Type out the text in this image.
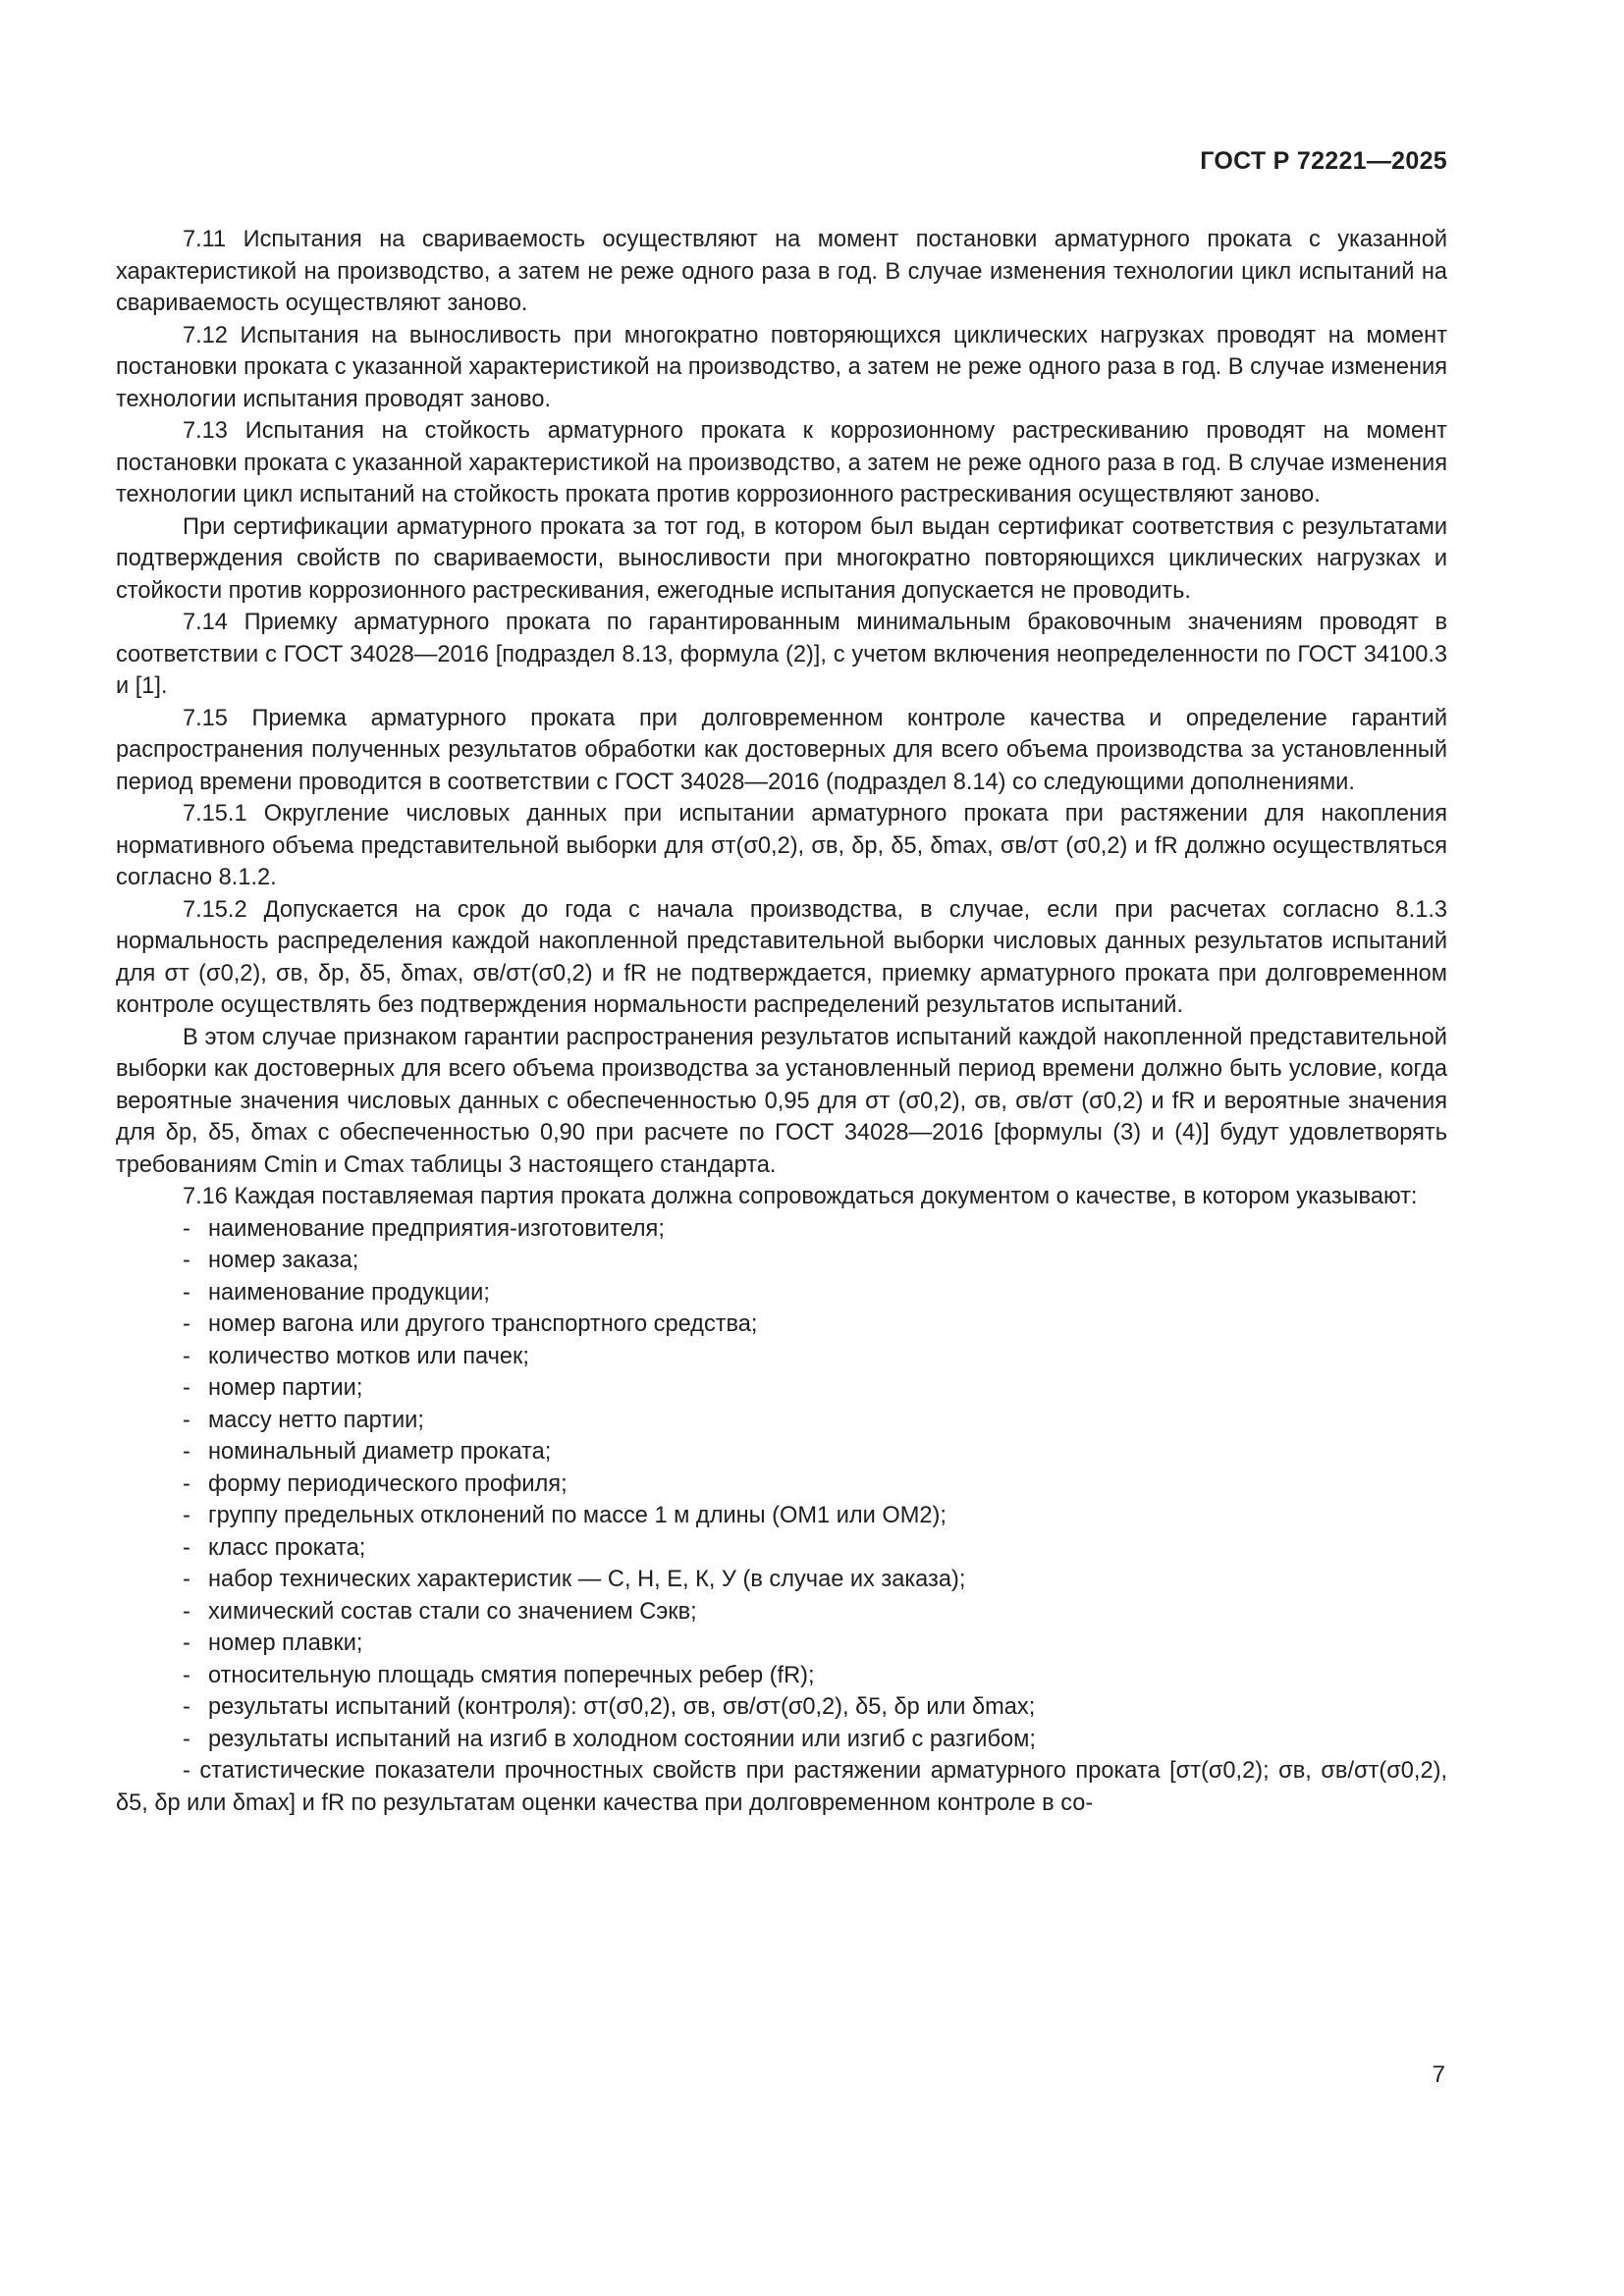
ГОСТ Р 72221—2025

7.11 Испытания на свариваемость осуществляют на момент постановки арматурного проката с указанной характеристикой на производство, а затем не реже одного раза в год. В случае изменения технологии цикл испытаний на свариваемость осуществляют заново.

7.12 Испытания на выносливость при многократно повторяющихся циклических нагрузках проводят на момент постановки проката с указанной характеристикой на производство, а затем не реже одного раза в год. В случае изменения технологии испытания проводят заново.

7.13 Испытания на стойкость арматурного проката к коррозионному растрескиванию проводят на момент постановки проката с указанной характеристикой на производство, а затем не реже одного раза в год. В случае изменения технологии цикл испытаний на стойкость проката против коррозионного растрескивания осуществляют заново.

При сертификации арматурного проката за тот год, в котором был выдан сертификат соответствия с результатами подтверждения свойств по свариваемости, выносливости при многократно повторяющихся циклических нагрузках и стойкости против коррозионного растрескивания, ежегодные испытания допускается не проводить.

7.14 Приемку арматурного проката по гарантированным минимальным браковочным значениям проводят в соответствии с ГОСТ 34028—2016 [подраздел 8.13, формула (2)], с учетом включения неопределенности по ГОСТ 34100.3 и [1].

7.15 Приемка арматурного проката при долговременном контроле качества и определение гарантий распространения полученных результатов обработки как достоверных для всего объема производства за установленный период времени проводится в соответствии с ГОСТ 34028—2016 (подраздел 8.14) со следующими дополнениями.

7.15.1 Округление числовых данных при испытании арматурного проката при растяжении для накопления нормативного объема представительной выборки для σт(σ0,2), σв, δр, δ5, δmax, σв/σт (σ0,2) и fR должно осуществляться согласно 8.1.2.

7.15.2 Допускается на срок до года с начала производства, в случае, если при расчетах согласно 8.1.3 нормальность распределения каждой накопленной представительной выборки числовых данных результатов испытаний для σт (σ0,2), σв, δр, δ5, δmax, σв/σт(σ0,2) и fR не подтверждается, приемку арматурного проката при долговременном контроле осуществлять без подтверждения нормальности распределений результатов испытаний.

В этом случае признаком гарантии распространения результатов испытаний каждой накопленной представительной выборки как достоверных для всего объема производства за установленный период времени должно быть условие, когда вероятные значения числовых данных с обеспеченностью 0,95 для σт (σ0,2), σв, σв/σт (σ0,2) и fR и вероятные значения для δр, δ5, δmax с обеспеченностью 0,90 при расчете по ГОСТ 34028—2016 [формулы (3) и (4)] будут удовлетворять требованиям Cmin и Cmax таблицы 3 настоящего стандарта.

7.16 Каждая поставляемая партия проката должна сопровождаться документом о качестве, в котором указывают:

- наименование предприятия-изготовителя;
- номер заказа;
- наименование продукции;
- номер вагона или другого транспортного средства;
- количество мотков или пачек;
- номер партии;
- массу нетто партии;
- номинальный диаметр проката;
- форму периодического профиля;
- группу предельных отклонений по массе 1 м длины (ОМ1 или ОМ2);
- класс проката;
- набор технических характеристик — С, Н, Е, К, У (в случае их заказа);
- химический состав стали со значением Cэкв;
- номер плавки;
- относительную площадь смятия поперечных ребер (fR);
- результаты испытаний (контроля): σт(σ0,2), σв, σв/σт(σ0,2), δ5, δр или δmax;
- результаты испытаний на изгиб в холодном состоянии или изгиб с разгибом;
- статистические показатели прочностных свойств при растяжении арматурного проката [σт(σ0,2); σв, σв/σт(σ0,2), δ5, δр или δmax] и fR по результатам оценки качества при долговременном контроле в со-
7
